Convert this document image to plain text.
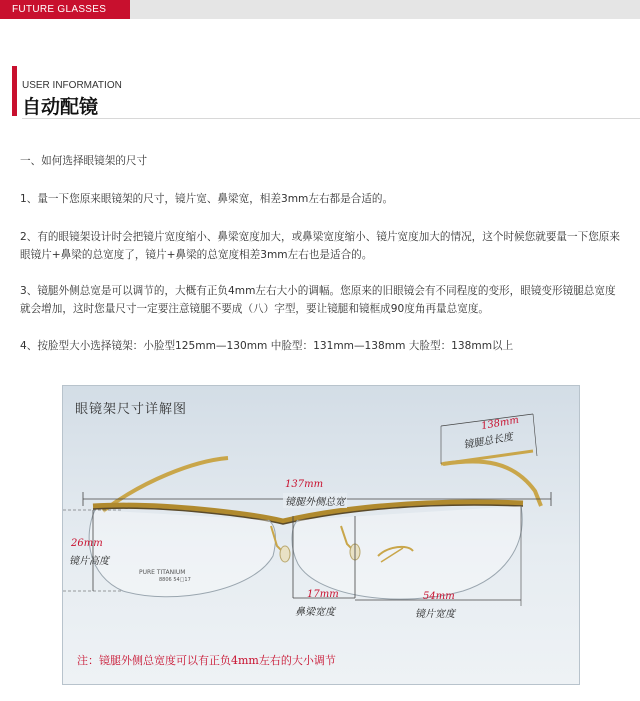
FUTURE GLASSES
USER INFORMATION
自动配镜

一、如何选择眼镜架的尺寸

1、量一下您原来眼镜架的尺寸，镜片宽、鼻梁宽，相差3mm左右都是合适的。

2、有的眼镜架设计时会把镜片宽度缩小、鼻梁宽度加大，或鼻梁宽度缩小、镜片宽度加大的情况，这个时候您就要量一下您原来眼镜片+鼻梁的总宽度了，镜片+鼻梁的总宽度相差3mm左右也是适合的。

3、镜腿外侧总宽是可以调节的，大概有正负4mm左右大小的调幅。您原来的旧眼镜会有不同程度的变形，眼镜变形镜腿总宽度就会增加，这时您量尺寸一定要注意镜腿不要成（八）字型，要让镜腿和镜框成90度角再量总宽度。

4、按脸型大小选择镜架：小脸型125mm—130mm 中脸型：131mm—138mm 大脸型：138mm以上

眼镜架尺寸详解图
PURE TITANIUM
8806 54□17
138mm
镜腿总长度
137mm
镜腿外侧总宽
26mm
镜片高度
17mm
鼻梁宽度
54mm
镜片宽度
注：镜腿外侧总宽度可以有正负4mm左右的大小调节
